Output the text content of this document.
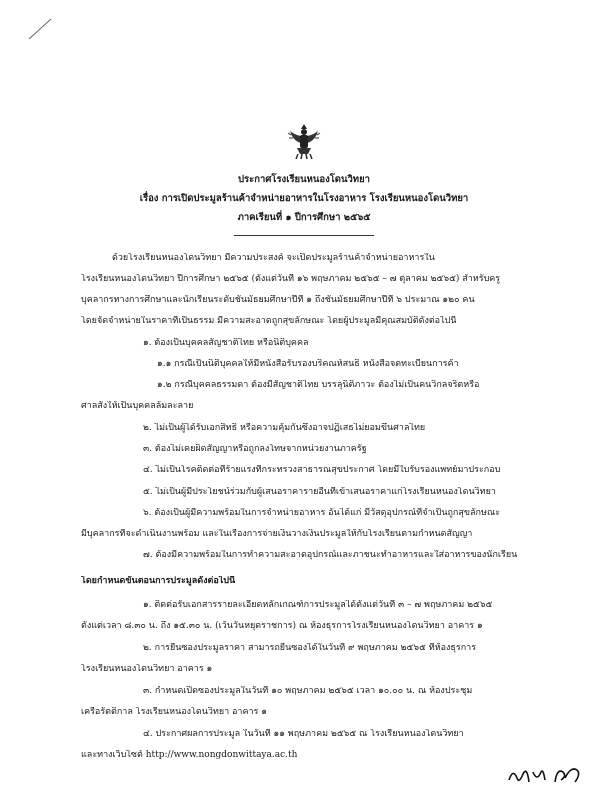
ประกาศโรงเรียนหนองโดนวิทยา
เรื่อง การเปิดประมูลร้านค้าจำหน่ายอาหารในโรงอาหาร โรงเรียนหนองโดนวิทยา
ภาคเรียนที่ ๑ ปีการศึกษา ๒๕๖๕
ด้วยโรงเรียนหนองโดนวิทยา มีความประสงค์ จะเปิดประมูลร้านค้าจำหน่ายอาหารใน
โรงเรียนหนองโดนวิทยา ปีการศึกษา ๒๕๖๕ (ตั้งแต่วันที่ ๑๖ พฤษภาคม ๒๕๖๕ – ๗ ตุลาคม ๒๕๖๕) สำหรับครู
บุคลากรทางการศึกษาและนักเรียนระดับชั้นมัธยมศึกษาปีที่ ๑ ถึงชั้นมัธยมศึกษาปีที่ ๖ ประมาณ ๑๒๐ คน
โดยจัดจำหน่ายในราคาที่เป็นธรรม มีความสะอาดถูกสุขลักษณะ โดยผู้ประมูลมีคุณสมบัติดังต่อไปนี้
๑. ต้องเป็นบุคคลสัญชาติไทย หรือนิติบุคคล
๑.๑ กรณีเป็นนิติบุคคลให้มีหนังสือรับรองบริคณห์สนธิ หนังสือจดทะเบียนการค้า
๑.๒ กรณีบุคคลธรรมดา ต้องมีสัญชาติไทย บรรลุนิติภาวะ ต้องไม่เป็นคนวิกลจริตหรือ
ศาลสั่งให้เป็นบุคคลล้มละลาย
๒. ไม่เป็นผู้ได้รับเอกสิทธิ์ หรือความคุ้มกันซึ่งอาจปฏิเสธไม่ยอมขึ้นศาลไทย
๓. ต้องไม่เคยผิดสัญญาหรือถูกลงโทษจากหน่วยงานภาครัฐ
๔. ไม่เป็นโรคติดต่อที่ร้ายแรงที่กระทรวงสาธารณสุขประกาศ โดยมีใบรับรองแพทย์มาประกอบ
๕. ไม่เป็นผู้มีประโยชน์ร่วมกับผู้เสนอราคารายอื่นที่เข้าเสนอราคาแก่โรงเรียนหนองโดนวิทยา
๖. ต้องเป็นผู้มีความพร้อมในการจำหน่ายอาหาร อันได้แก่ มีวัสดุอุปกรณ์ที่จำเป็นถูกสุขลักษณะ
มีบุคลากรที่จะดำเนินงานพร้อม และในเรื่องการจ่ายเงินวางเงินประมูลให้กับโรงเรียนตามกำหนดสัญญา
๗. ต้องมีความพร้อมในการทำความสะอาดอุปกรณ์และภาชนะทำอาหารและใส่อาหารของนักเรียน
โดยกำหนดขั้นตอนการประมูลดังต่อไปนี้
๑. ติดต่อรับเอกสารรายละเอียดหลักเกณฑ์การประมูลได้ตั้งแต่วันที่ ๓ – ๗ พฤษภาคม ๒๕๖๕
ตั้งแต่เวลา ๘.๓๐ น. ถึง ๑๕.๓๐ น. (เว้นวันหยุดราชการ) ณ ห้องธุรการโรงเรียนหนองโดนวิทยา อาคาร ๑
๒. การยื่นซองประมูลราคา สามารถยื่นซองได้ในวันที่ ๙ พฤษภาคม ๒๕๖๕ ที่ห้องธุรการ
โรงเรียนหนองโดนวิทยา อาคาร ๑
๓. กำหนดเปิดซองประมูลในวันที่ ๑๐ พฤษภาคม ๒๕๖๕ เวลา ๑๐.๐๐ น. ณ ห้องประชุม
เครือรัตติกาล โรงเรียนหนองโดนวิทยา อาคาร ๑
๔. ประกาศผลการประมูล ในวันที่ ๑๑ พฤษภาคม ๒๕๖๕ ณ โรงเรียนหนองโดนวิทยา
และทางเว็บไซต์ http://www.nongdonwittaya.ac.th
